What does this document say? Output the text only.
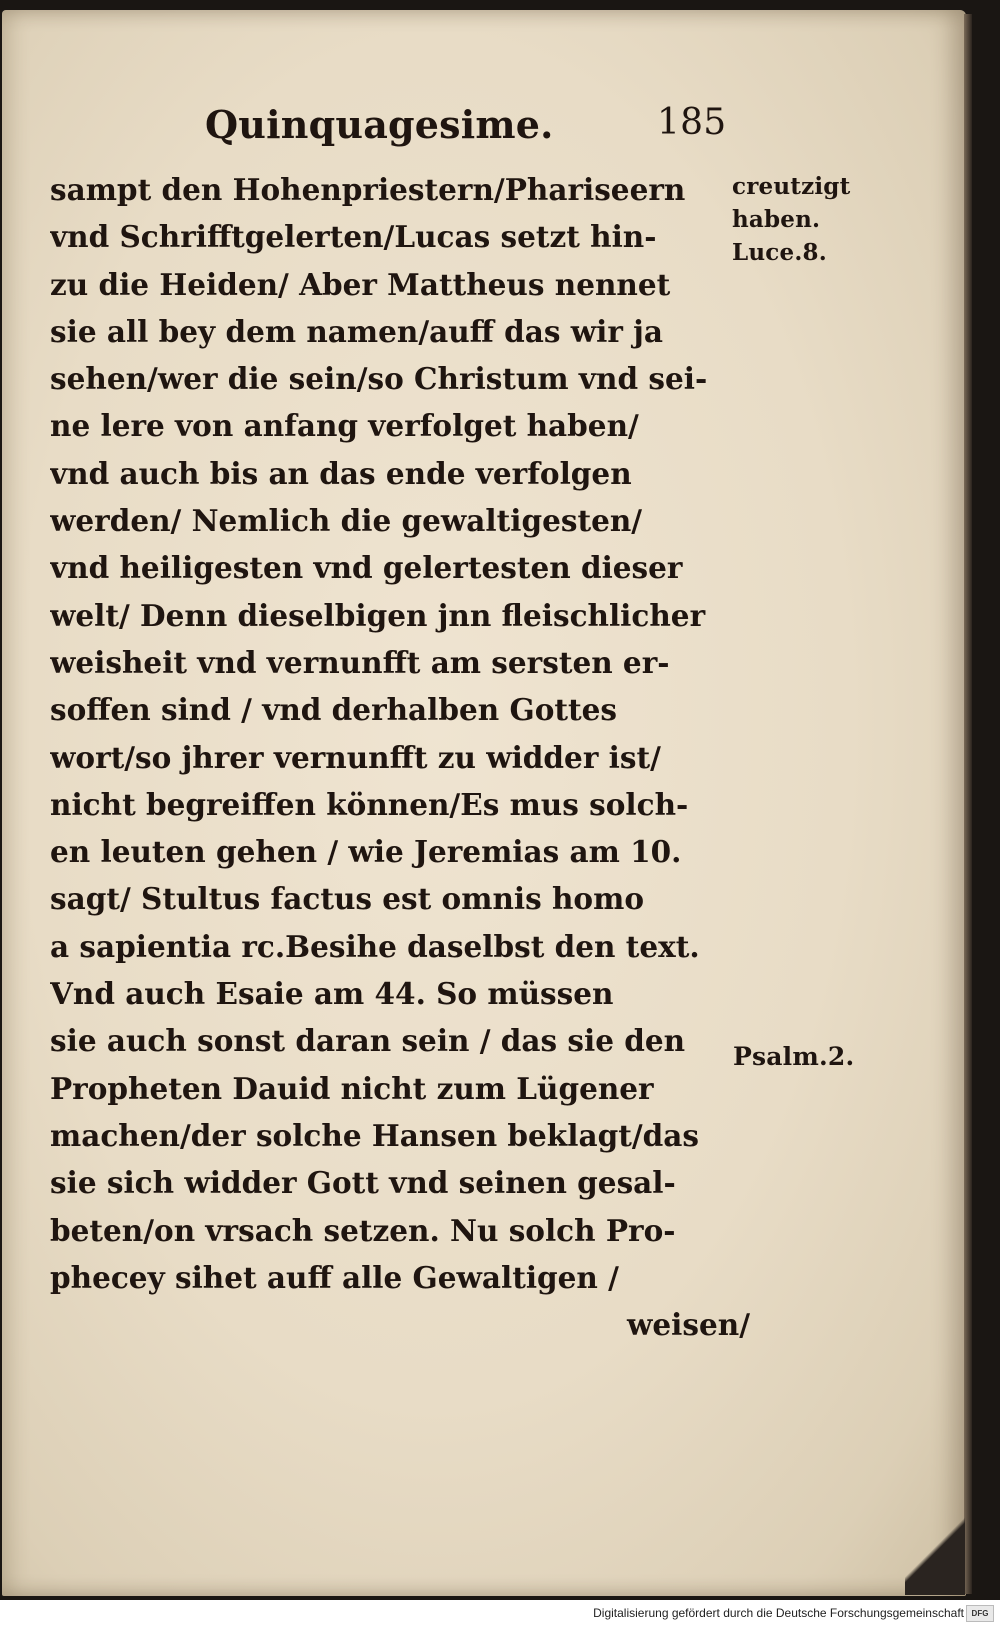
Quinquagesime.	185
sampt den Hohenpriestern/Phariseern
vnd Schrifftgelerten/Lucas setzt hin-
zu die Heiden/ Aber Mattheus nennet
sie all bey dem namen/auff das wir ja
sehen/wer die sein/so Christum vnd sei-
ne lere von anfang verfolget haben/
vnd auch bis an das ende verfolgen
werden/ Nemlich die gewaltigesten/
vnd heiligesten vnd gelertesten dieser
welt/ Denn dieselbigen jnn fleischlicher
weisheit vnd vernunfft am sersten er-
soffen sind / vnd derhalben Gottes
wort/so jhrer vernunfft zu widder ist/
nicht begreiffen können/Es mus solch-
en leuten gehen / wie Jeremias am 10.
sagt/ Stultus factus est omnis homo
a sapientia rc.Besihe daselbst den text.
Vnd auch Esaie am 44. So müssen
sie auch sonst daran sein / das sie den
Propheten Dauid nicht zum Lügener
machen/der solche Hansen beklagt/das
sie sich widder Gott vnd seinen gesal-
beten/on vrsach setzen. Nu solch Pro-
phecey sihet auff alle Gewaltigen /
weisen/
creutzigt
haben.
Luce.8.
Psalm.2.
Digitalisierung gefördert durch die Deutsche Forschungsgemeinschaft DFG
